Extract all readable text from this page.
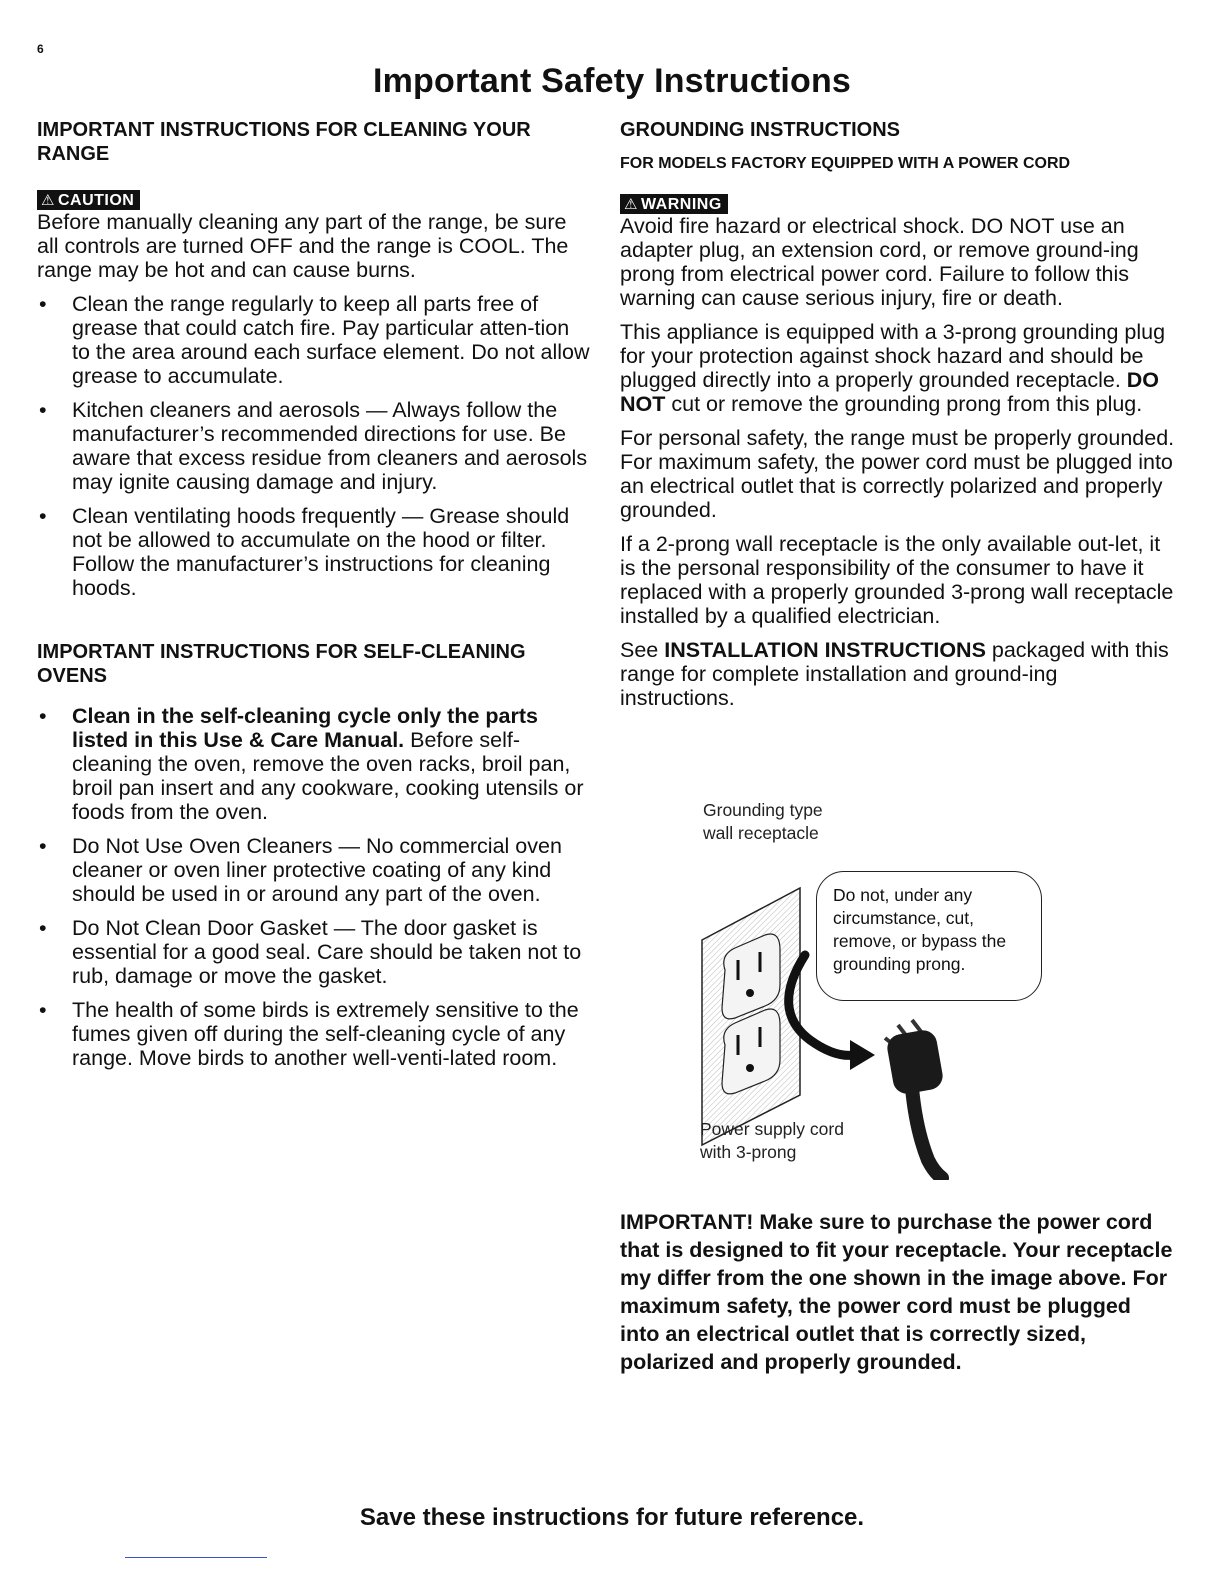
6
Important Safety Instructions

IMPORTANT INSTRUCTIONS FOR CLEANING YOUR RANGE

⚠ CAUTION

Before manually cleaning any part of the range, be sure all controls are turned OFF and the range is COOL. The range may be hot and can cause burns.

• Clean the range regularly to keep all parts free of grease that could catch fire. Pay particular atten-tion to the area around each surface element. Do not allow grease to accumulate.
• Kitchen cleaners and aerosols — Always follow the manufacturer’s recommended directions for use. Be aware that excess residue from cleaners and aerosols may ignite causing damage and injury.
• Clean ventilating hoods frequently — Grease should not be allowed to accumulate on the hood or filter. Follow the manufacturer’s instructions for cleaning hoods.

IMPORTANT INSTRUCTIONS FOR SELF-CLEANING OVENS

• Clean in the self-cleaning cycle only the parts listed in this Use & Care Manual. Before self-cleaning the oven, remove the oven racks, broil pan, broil pan insert and any cookware, cooking utensils or foods from the oven.
• Do Not Use Oven Cleaners — No commercial oven cleaner or oven liner protective coating of any kind should be used in or around any part of the oven.
• Do Not Clean Door Gasket — The door gasket is essential for a good seal. Care should be taken not to rub, damage or move the gasket.
• The health of some birds is extremely sensitive to the fumes given off during the self-cleaning cycle of any range. Move birds to another well-venti-lated room.

GROUNDING INSTRUCTIONS

FOR MODELS FACTORY EQUIPPED WITH A POWER CORD

⚠ WARNING

Avoid fire hazard or electrical shock. DO NOT use an adapter plug, an extension cord, or remove ground-ing prong from electrical power cord. Failure to follow this warning can cause serious injury, fire or death.

This appliance is equipped with a 3-prong grounding plug for your protection against shock hazard and should be plugged directly into a properly grounded receptacle. DO NOT cut or remove the grounding prong from this plug.

For personal safety, the range must be properly grounded. For maximum safety, the power cord must be plugged into an electrical outlet that is correctly polarized and properly grounded.

If a 2-prong wall receptacle is the only available out-let, it is the personal responsibility of the consumer to have it replaced with a properly grounded 3-prong wall receptacle installed by a qualified electrician.

See INSTALLATION INSTRUCTIONS packaged with this range for complete installation and ground-ing instructions.

Grounding type
wall receptacle
Do not, under any circumstance, cut, remove, or bypass the grounding prong.
Power supply cord
with 3-prong

IMPORTANT! Make sure to purchase the power cord that is designed to fit your receptacle. Your receptacle my differ from the one shown in the image above. For maximum safety, the power cord must be plugged into an electrical outlet that is correctly sized, polarized and properly grounded.

Save these instructions for future reference.
